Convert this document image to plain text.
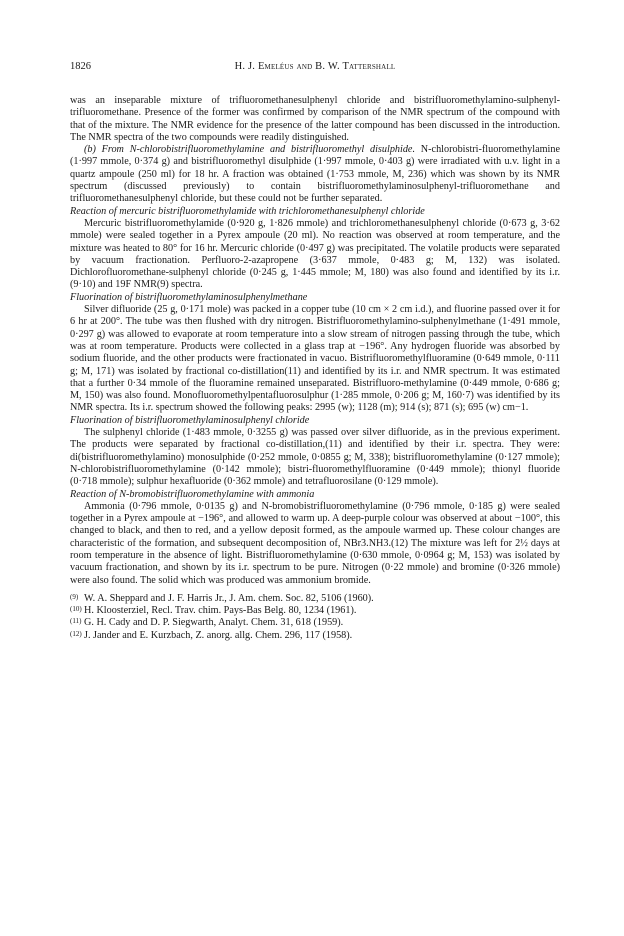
1826	H. J. Emeléus and B. W. Tattershall

was an inseparable mixture of trifluoromethanesulphenyl chloride and bistrifluoromethylamino-sulphenyl-trifluoromethane. Presence of the former was confirmed by comparison of the NMR spectrum of the compound with that of the mixture. The NMR evidence for the presence of the latter compound has been discussed in the introduction. The NMR spectra of the two compounds were readily distinguished.

(b) From N-chlorobistrifluoromethylamine and bistrifluoromethyl disulphide. N-chlorobistri-fluoromethylamine (1·997 mmole, 0·374 g) and bistrifluoromethyl disulphide (1·997 mmole, 0·403 g) were irradiated with u.v. light in a quartz ampoule (250 ml) for 18 hr. A fraction was obtained (1·753 mmole, M, 236) which was shown by its NMR spectrum (discussed previously) to contain bistrifluoromethylaminosulphenyl-trifluoromethane and trifluoromethanesulphenyl chloride, but these could not be further separated.

Reaction of mercuric bistrifluoromethylamide with trichloromethanesulphenyl chloride

Mercuric bistrifluoromethylamide (0·920 g, 1·826 mmole) and trichloromethanesulphenyl chloride (0·673 g, 3·62 mmole) were sealed together in a Pyrex ampoule (20 ml). No reaction was observed at room temperature, and the mixture was heated to 80° for 16 hr. Mercuric chloride (0·497 g) was precipitated. The volatile products were separated by vacuum fractionation. Perfluoro-2-azapropene (3·637 mmole, 0·483 g; M, 132) was isolated. Dichlorofluoromethane-sulphenyl chloride (0·245 g, 1·445 mmole; M, 180) was also found and identified by its i.r.(9·10) and 19F NMR(9) spectra.

Fluorination of bistrifluoromethylaminosulphenylmethane

Silver difluoride (25 g, 0·171 mole) was packed in a copper tube (10 cm × 2 cm i.d.), and fluorine passed over it for 6 hr at 200°. The tube was then flushed with dry nitrogen. Bistrifluoromethylamino-sulphenylmethane (1·491 mmole, 0·297 g) was allowed to evaporate at room temperature into a slow stream of nitrogen passing through the tube, which was at room temperature. Products were collected in a glass trap at −196°. Any hydrogen fluoride was absorbed by sodium fluoride, and the other products were fractionated in vacuo. Bistrifluoromethylfluoramine (0·649 mmole, 0·111 g; M, 171) was isolated by fractional co-distillation(11) and identified by its i.r. and NMR spectrum. It was estimated that a further 0·34 mmole of the fluoramine remained unseparated. Bistrifluoro-methylamine (0·449 mmole, 0·686 g; M, 150) was also found. Monofluoromethylpentafluorosulphur (1·285 mmole, 0·206 g; M, 160·7) was identified by its NMR spectra. Its i.r. spectrum showed the following peaks: 2995 (w); 1128 (m); 914 (s); 871 (s); 695 (w) cm−1.

Fluorination of bistrifluoromethylaminosulphenyl chloride

The sulphenyl chloride (1·483 mmole, 0·3255 g) was passed over silver difluoride, as in the previous experiment. The products were separated by fractional co-distillation,(11) and identified by their i.r. spectra. They were: di(bistrifluoromethylamino) monosulphide (0·252 mmole, 0·0855 g; M, 338); bistrifluoromethylamine (0·127 mmole); N-chlorobistrifluoromethylamine (0·142 mmole); bistri-fluoromethylfluoramine (0·449 mmole); thionyl fluoride (0·718 mmole); sulphur hexafluoride (0·362 mmole) and tetrafluorosilane (0·129 mmole).

Reaction of N-bromobistrifluoromethylamine with ammonia

Ammonia (0·796 mmole, 0·0135 g) and N-bromobistrifluoromethylamine (0·796 mmole, 0·185 g) were sealed together in a Pyrex ampoule at −196°, and allowed to warm up. A deep-purple colour was observed at about −100°, this changed to black, and then to red, and a yellow deposit formed, as the ampoule warmed up. These colour changes are characteristic of the formation, and subsequent decomposition of, NBr3.NH3.(12) The mixture was left for 2½ days at room temperature in the absence of light. Bistrifluoromethylamine (0·630 mmole, 0·0964 g; M, 153) was isolated by vacuum fractionation, and shown by its i.r. spectrum to be pure. Nitrogen (0·22 mmole) and bromine (0·326 mmole) were also found. The solid which was produced was ammonium bromide.

(9) W. A. Sheppard and J. F. Harris Jr., J. Am. chem. Soc. 82, 5106 (1960).

(10) H. Kloosterziel, Recl. Trav. chim. Pays-Bas Belg. 80, 1234 (1961).

(11) G. H. Cady and D. P. Siegwarth, Analyt. Chem. 31, 618 (1959).

(12) J. Jander and E. Kurzbach, Z. anorg. allg. Chem. 296, 117 (1958).
